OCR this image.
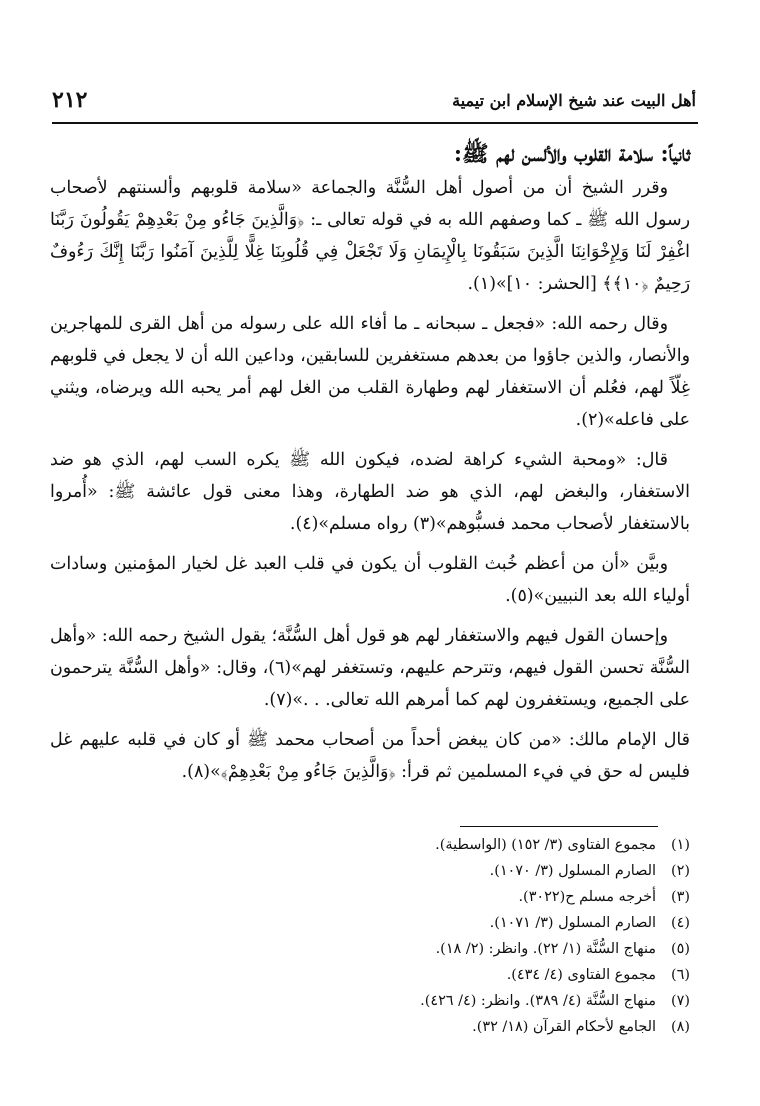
أهل البيت عند شيخ الإسلام ابن تيمية
٢١٢
ثانياً: سلامة القلوب والألسن لهم ﷺ:

وقرر الشيخ أن من أصول أهل السُّنَّة والجماعة «سلامة قلوبهم وألسنتهم لأصحاب رسول الله ﷺ ـ كما وصفهم الله به في قوله تعالى ـ: ﴿وَالَّذِينَ جَاءُو مِنْ بَعْدِهِمْ يَقُولُونَ رَبَّنَا اغْفِرْ لَنَا وَلِإِخْوَانِنَا الَّذِينَ سَبَقُونَا بِالْإِيمَانِ وَلَا تَجْعَلْ فِي قُلُوبِنَا غِلًّا لِلَّذِينَ آمَنُوا رَبَّنَا إِنَّكَ رَءُوفٌ رَحِيمٌ ﴿١٠﴾﴾ [الحشر: ١٠]»(١).

وقال رحمه الله: «فجعل ـ سبحانه ـ ما أفاء الله على رسوله من أهل القرى للمهاجرين والأنصار، والذين جاؤوا من بعدهم مستغفرين للسابقين، وداعين الله أن لا يجعل في قلوبهم غِلّاً لهم، فعُلم أن الاستغفار لهم وطهارة القلب من الغل لهم أمر يحبه الله ويرضاه، ويثني على فاعله»(٢).

قال: «ومحبة الشيء كراهة لضده، فيكون الله ﷺ يكره السب لهم، الذي هو ضد الاستغفار، والبغض لهم، الذي هو ضد الطهارة، وهذا معنى قول عائشة ﷺ: «أُمروا بالاستغفار لأصحاب محمد فسبُّوهم»(٣) رواه مسلم»(٤).

وبيَّن «أن من أعظم خُبث القلوب أن يكون في قلب العبد غل لخيار المؤمنين وسادات أولياء الله بعد النبيين»(٥).

وإحسان القول فيهم والاستغفار لهم هو قول أهل السُّنَّة؛ يقول الشيخ رحمه الله: «وأهل السُّنَّة تحسن القول فيهم، وتترحم عليهم، وتستغفر لهم»(٦)، وقال: «وأهل السُّنَّة يترحمون على الجميع، ويستغفرون لهم كما أمرهم الله تعالى. . .»(٧).

قال الإمام مالك: «من كان يبغض أحداً من أصحاب محمد ﷺ أو كان في قلبه عليهم غل فليس له حق في فيء المسلمين ثم قرأ: ﴿وَالَّذِينَ جَاءُو مِنْ بَعْدِهِمْ﴾»(٨).

(١)
مجموع الفتاوى (٣/ ١٥٢) (الواسطية).
(٢)
الصارم المسلول (٣/ ١٠٧٠).
(٣)
أخرجه مسلم ح(٣٠٢٢).
(٤)
الصارم المسلول (٣/ ١٠٧١).
(٥)
منهاج السُّنَّة (١/ ٢٢). وانظر: (٢/ ١٨).
(٦)
مجموع الفتاوى (٤/ ٤٣٤).
(٧)
منهاج السُّنَّة (٤/ ٣٨٩). وانظر: (٤/ ٤٢٦).
(٨)
الجامع لأحكام القرآن (١٨/ ٣٢).
